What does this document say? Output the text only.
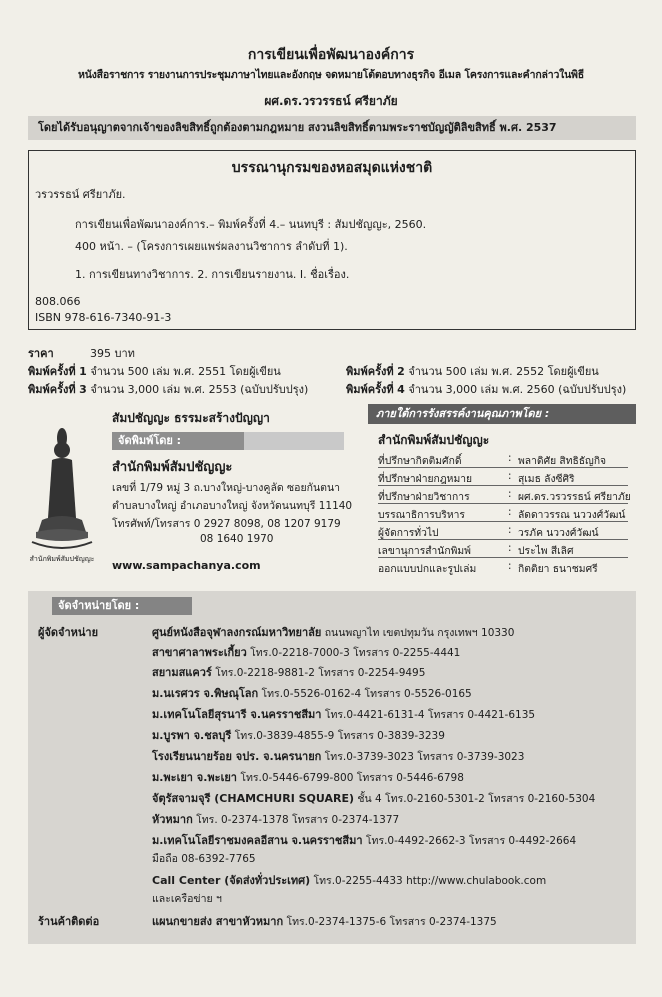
การเขียนเพื่อพัฒนาองค์การ
หนังสือราชการ รายงานการประชุมภาษาไทยและอังกฤษ จดหมายโต้ตอบทางธุรกิจ อีเมล โครงการและคำกล่าวในพิธี
ผศ.ดร.วรวรรธน์ ศรียาภัย
โดยได้รับอนุญาตจากเจ้าของลิขสิทธิ์ถูกต้องตามกฎหมาย สงวนลิขสิทธิ์ตามพระราชบัญญัติลิขสิทธิ์ พ.ศ. 2537
บรรณานุกรมของหอสมุดแห่งชาติ
วรวรรธน์ ศรียาภัย.
การเขียนเพื่อพัฒนาองค์การ.– พิมพ์ครั้งที่ 4.– นนทบุรี : สัมปชัญญะ, 2560.
400 หน้า. – (โครงการเผยแพร่ผลงานวิชาการ ลำดับที่ 1).
1. การเขียนทางวิชาการ. 2. การเขียนรายงาน. I. ชื่อเรื่อง.
808.066
ISBN 978-616-7340-91-3
ราคา	395 บาท
พิมพ์ครั้งที่ 1 จำนวน 500 เล่ม พ.ศ. 2551 โดยผู้เขียน	พิมพ์ครั้งที่ 2 จำนวน 500 เล่ม พ.ศ. 2552 โดยผู้เขียน
พิมพ์ครั้งที่ 3 จำนวน 3,000 เล่ม พ.ศ. 2553 (ฉบับปรับปรุง)	พิมพ์ครั้งที่ 4 จำนวน 3,000 เล่ม พ.ศ. 2560 (ฉบับปรับปรุง)
สำนักพิมพ์สัมปชัญญะ
สัมปชัญญะ ธรรมะสร้างปัญญา
จัดพิมพ์โดย :
สำนักพิมพ์สัมปชัญญะ
เลขที่ 1/79 หมู่ 3 ถ.บางใหญ่-บางคูลัด ซอยกันตนา
ตำบลบางใหญ่ อำเภอบางใหญ่ จังหวัดนนทบุรี 11140
โทรศัพท์/โทรสาร 0 2927 8098, 08 1207 9179
08 1640 1970
www.sampachanya.com
ภายใต้การรังสรรค์งานคุณภาพโดย :
สำนักพิมพ์สัมปชัญญะ
ที่ปรึกษากิตติมศักดิ์	: พลาดิศัย สิทธิธัญกิจ
ที่ปรึกษาฝ่ายกฎหมาย	: สุเมธ ลังซีศิริ
ที่ปรึกษาฝ่ายวิชาการ	: ผศ.ดร.วรวรรธน์ ศรียาภัย
บรรณาธิการบริหาร	: ลัดดาวรรณ นววงศ์วัฒน์
ผู้จัดการทั่วไป	: วรภัค นววงศ์วัฒน์
เลขานุการสำนักพิมพ์	: ประไพ สีเลิศ
ออกแบบปกและรูปเล่ม	: กิตติยา ธนาชมศรี
จัดจำหน่ายโดย :
ผู้จัดจำหน่าย	ศูนย์หนังสือจุฬาลงกรณ์มหาวิทยาลัย ถนนพญาไท เขตปทุมวัน กรุงเทพฯ 10330
สาขาศาลาพระเกี้ยว โทร.0-2218-7000-3 โทรสาร 0-2255-4441
สยามสแควร์ โทร.0-2218-9881-2 โทรสาร 0-2254-9495
ม.นเรศวร จ.พิษณุโลก โทร.0-5526-0162-4 โทรสาร 0-5526-0165
ม.เทคโนโลยีสุรนารี จ.นครราชสีมา โทร.0-4421-6131-4 โทรสาร 0-4421-6135
ม.บูรพา จ.ชลบุรี โทร.0-3839-4855-9 โทรสาร 0-3839-3239
โรงเรียนนายร้อย จปร. จ.นครนายก โทร.0-3739-3023 โทรสาร 0-3739-3023
ม.พะเยา จ.พะเยา โทร.0-5446-6799-800 โทรสาร 0-5446-6798
จัตุรัสจามจุรี (CHAMCHURI SQUARE) ชั้น 4 โทร.0-2160-5301-2 โทรสาร 0-2160-5304
หัวหมาก โทร. 0-2374-1378 โทรสาร 0-2374-1377
ม.เทคโนโลยีราชมงคลอีสาน จ.นครราชสีมา โทร.0-4492-2662-3 โทรสาร 0-4492-2664
มือถือ 08-6392-7765
Call Center (จัดส่งทั่วประเทศ) โทร.0-2255-4433 http://www.chulabook.com
และเครือข่าย ฯ
ร้านค้าติดต่อ	แผนกขายส่ง สาขาหัวหมาก โทร.0-2374-1375-6 โทรสาร 0-2374-1375
